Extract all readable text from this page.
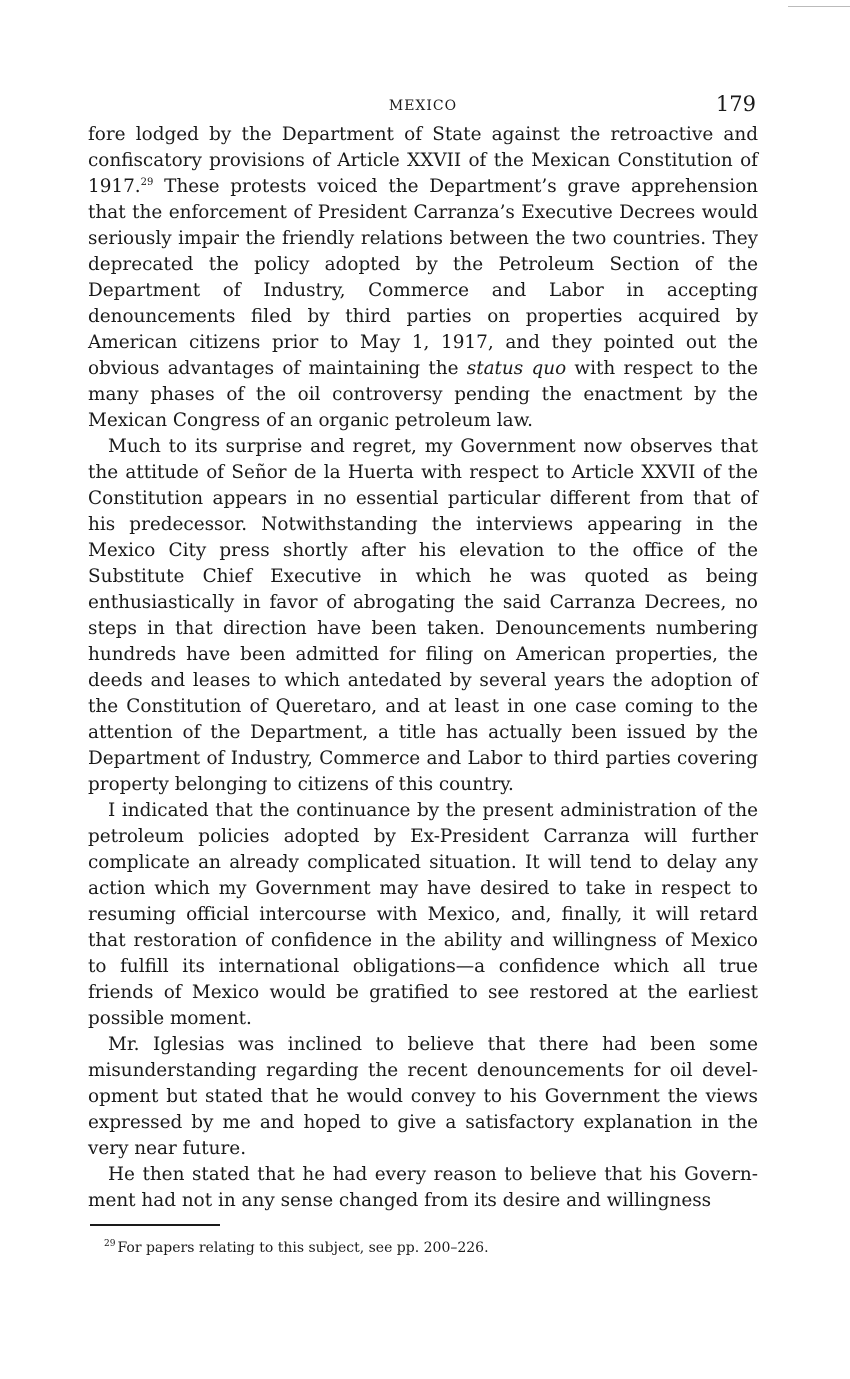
MEXICO	179

fore lodged by the Department of State against the retroactive and confiscatory provisions of Article XXVII of the Mexican Constitution of 1917.29 These protests voiced the Department’s grave apprehension that the enforcement of President Carranza’s Executive Decrees would seriously impair the friendly relations between the two countries. They deprecated the policy adopted by the Petroleum Section of the Department of Industry, Commerce and Labor in accepting denouncements filed by third parties on properties acquired by American citizens prior to May 1, 1917, and they pointed out the obvious advantages of maintaining the status quo with respect to the many phases of the oil controversy pending the enactment by the Mexican Congress of an organic petroleum law.

Much to its surprise and regret, my Government now observes that the attitude of Señor de la Huerta with respect to Article XXVII of the Constitution appears in no essential particular different from that of his predecessor. Notwithstanding the interviews appearing in the Mexico City press shortly after his elevation to the office of the Substitute Chief Executive in which he was quoted as being enthusiastically in favor of abrogating the said Carranza Decrees, no steps in that direction have been taken. Denouncements numbering hundreds have been admitted for filing on American properties, the deeds and leases to which antedated by several years the adoption of the Constitution of Queretaro, and at least in one case coming to the attention of the Department, a title has actually been issued by the Department of Industry, Commerce and Labor to third parties covering property belonging to citizens of this country.

I indicated that the continuance by the present administration of the petroleum policies adopted by Ex-President Carranza will further complicate an already complicated situation. It will tend to delay any action which my Government may have desired to take in respect to resuming official intercourse with Mexico, and, finally, it will retard that restoration of confidence in the ability and willingness of Mexico to fulfill its international obligations—a confidence which all true friends of Mexico would be gratified to see restored at the earliest possible moment.

Mr. Iglesias was inclined to believe that there had been some misunderstanding regarding the recent denouncements for oil development but stated that he would convey to his Government the views expressed by me and hoped to give a satisfactory explanation in the very near future.

He then stated that he had every reason to believe that his Government had not in any sense changed from its desire and willingness

$^{29}$ For papers relating to this subject, see pp. 200–226.
